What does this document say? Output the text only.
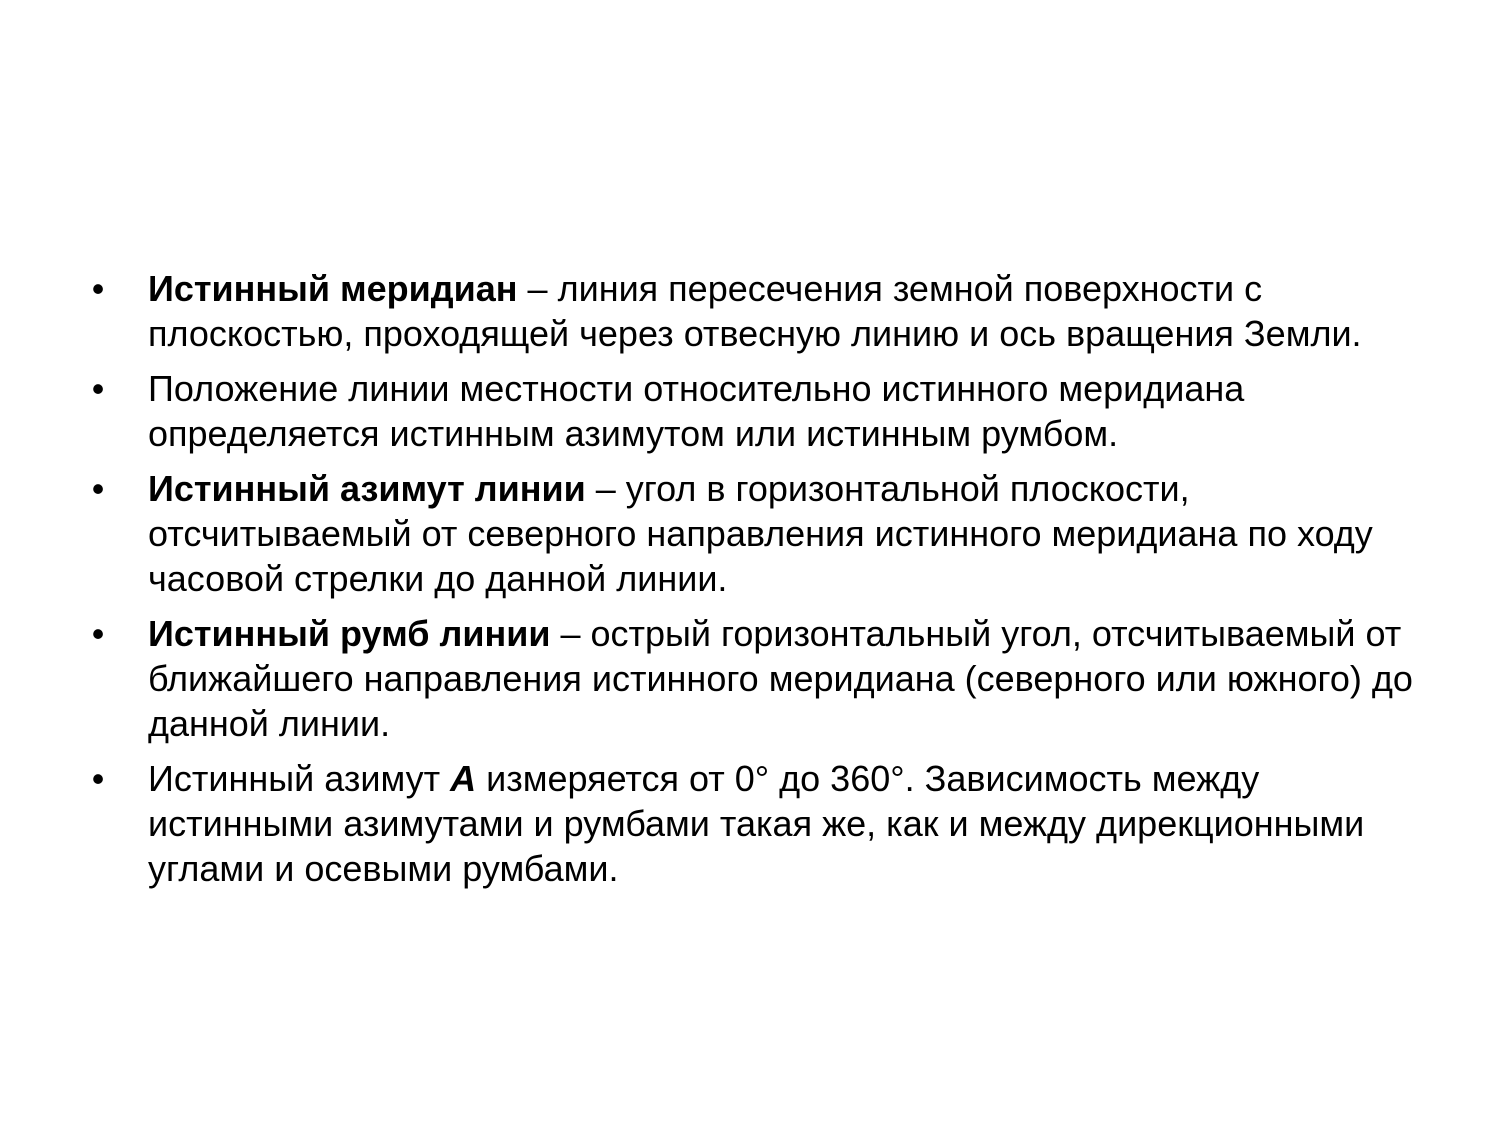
• Истинный меридиан – линия пересечения земной поверхности с плоскостью, проходящей через отвесную линию и ось вращения Земли.
• Положение линии местности относительно истинного меридиана определяется истинным азимутом или истинным румбом.
• Истинный азимут линии – угол в горизонтальной плоскости, отсчитываемый от северного направления истинного меридиана по ходу часовой стрелки до данной линии.
• Истинный румб линии – острый горизонтальный угол, отсчитываемый от ближайшего направления истинного меридиана (северного или южного) до данной линии.
• Истинный азимут A измеряется от 0° до 360°. Зависимость между истинными азимутами и румбами такая же, как и между дирекционными углами и осевыми румбами.
